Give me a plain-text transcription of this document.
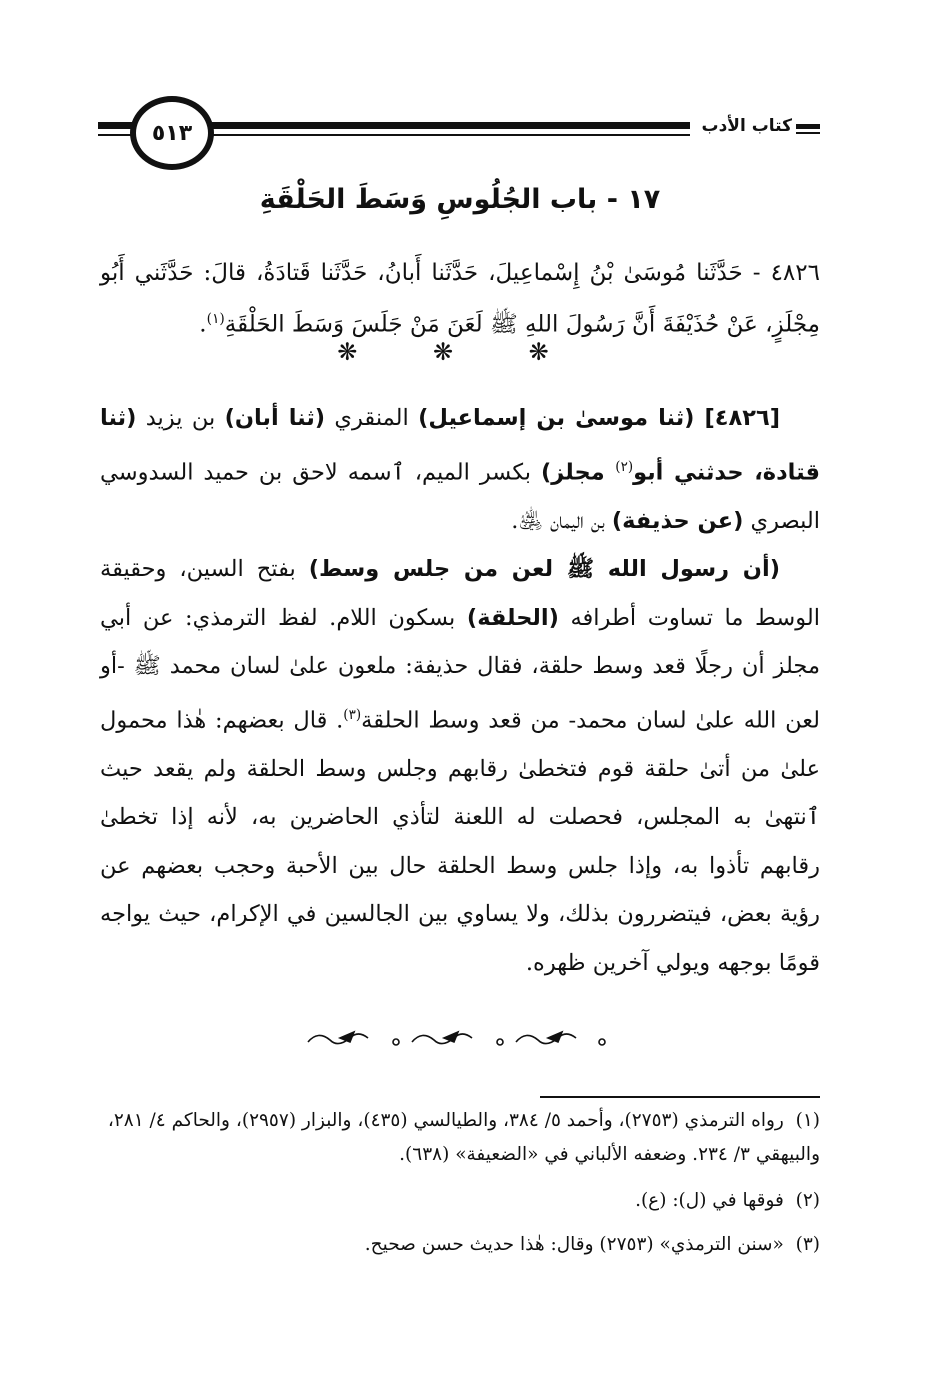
٥١٣	كتاب الأدب
١٧ - باب الجُلُوسِ وَسَطَ الحَلْقَةِ
٤٨٢٦ - حَدَّثَنا مُوسَىٰ بْنُ إِسْماعِيلَ، حَدَّثَنا أَبانُ، حَدَّثَنا قَتادَةُ، قالَ: حَدَّثَني أَبُو مِجْلَزٍ، عَنْ حُذَيْفَةَ أَنَّ رَسُولَ اللهِ ﷺ لَعَنَ مَنْ جَلَسَ وَسَطَ الحَلْقَةِ$^{(١)}$.
❋ ❋ ❋

[٤٨٢٦] (ثنا موسىٰ بن إسماعيل) المنقري (ثنا أبان) بن يزيد (ثنا قتادة، حدثني أبو$^{(٢)}$ مجلز) بكسر الميم، ٱسمه لاحق بن حميد السدوسي البصري (عن حذيفة) بن اليمان ﵁.

(أن رسول الله ﷺ لعن من جلس وسط) بفتح السين، وحقيقة الوسط ما تساوت أطرافه (الحلقة) بسكون اللام. لفظ الترمذي: عن أبي مجلز أن رجلًا قعد وسط حلقة، فقال حذيفة: ملعون علىٰ لسان محمد ﷺ -أو لعن الله علىٰ لسان محمد- من قعد وسط الحلقة$^{(٣)}$. قال بعضهم: هٰذا محمول علىٰ من أتىٰ حلقة قوم فتخطىٰ رقابهم وجلس وسط الحلقة ولم يقعد حيث ٱنتهىٰ به المجلس، فحصلت له اللعنة لتأذي الحاضرين به، لأنه إذا تخطىٰ رقابهم تأذوا به، وإذا جلس وسط الحلقة حال بين الأحبة وحجب بعضهم عن رؤية بعض، فيتضررون بذلك، ولا يساوي بين الجالسين في الإكرام، حيث يواجه قومًا بوجهه ويولي آخرين ظهره.

(١)  رواه الترمذي (٢٧٥٣)، وأحمد ٥/ ٣٨٤، والطيالسي (٤٣٥)، والبزار (٢٩٥٧)، والحاكم ٤/ ٢٨١، والبيهقي ٣/ ٢٣٤. وضعفه الألباني في «الضعيفة» (٦٣٨).

(٢)  فوقها في (ل): (ع).

(٣)  «سنن الترمذي» (٢٧٥٣) وقال: هٰذا حديث حسن صحيح.
